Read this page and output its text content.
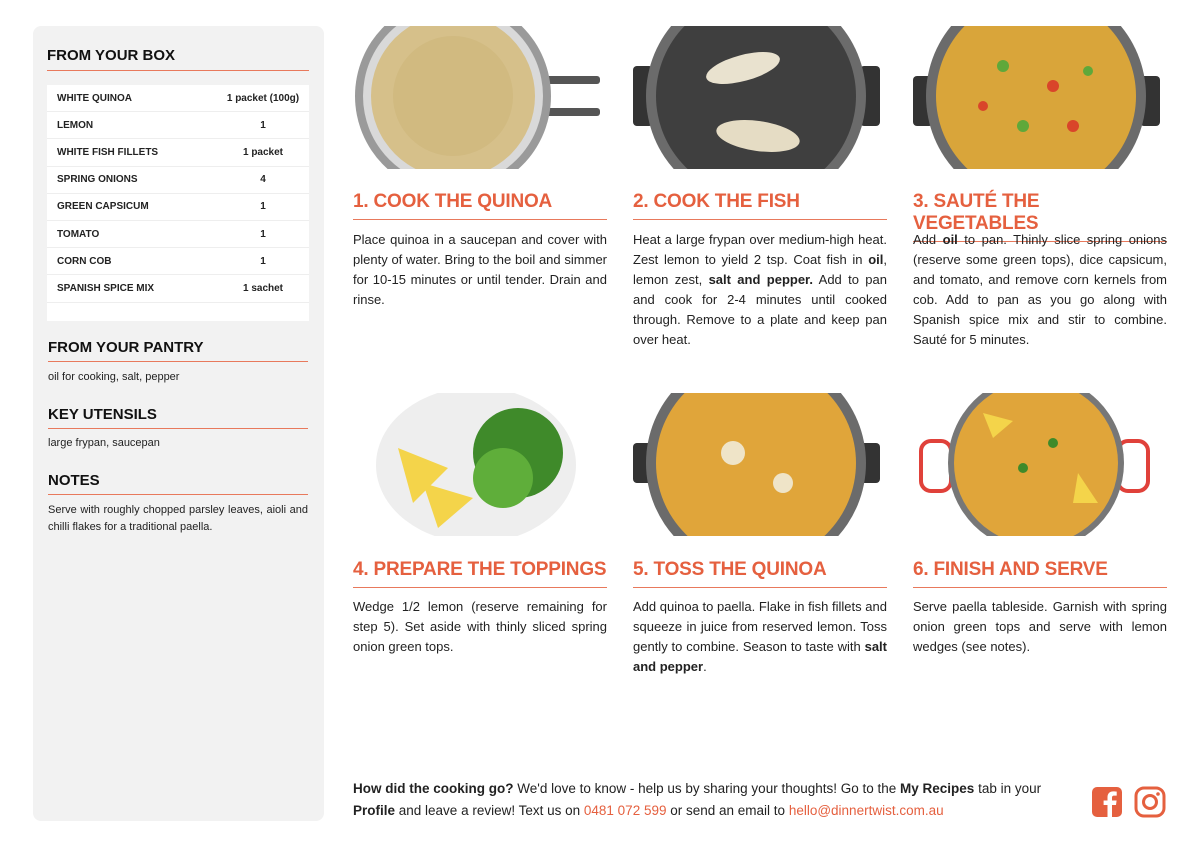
FROM YOUR BOX
WHITE QUINOA	1 packet (100g)
LEMON	1
WHITE FISH FILLETS	1 packet
SPRING ONIONS	4
GREEN CAPSICUM	1
TOMATO	1
CORN COB	1
SPANISH SPICE MIX	1 sachet
FROM YOUR PANTRY
oil for cooking, salt, pepper
KEY UTENSILS
large frypan, saucepan
NOTES
Serve with roughly chopped parsley leaves, aioli and chilli flakes for a traditional paella.
1. COOK THE QUINOA
Place quinoa in a saucepan and cover with plenty of water. Bring to the boil and simmer for 10-15 minutes or until tender. Drain and rinse.
2. COOK THE FISH
Heat a large frypan over medium-high heat. Zest lemon to yield 2 tsp. Coat fish in oil, lemon zest, salt and pepper. Add to pan and cook for 2-4 minutes until cooked through. Remove to a plate and keep pan over heat.
3. SAUTÉ THE VEGETABLES
Add oil to pan. Thinly slice spring onions (reserve some green tops), dice capsicum, and tomato, and remove corn kernels from cob. Add to pan as you go along with Spanish spice mix and stir to combine. Sauté for 5 minutes.
4. PREPARE THE TOPPINGS
Wedge 1/2 lemon (reserve remaining for step 5). Set aside with thinly sliced spring onion green tops.
5. TOSS THE QUINOA
Add quinoa to paella. Flake in fish fillets and squeeze in juice from reserved lemon. Toss gently to combine. Season to taste with salt and pepper.
6. FINISH AND SERVE
Serve paella tableside. Garnish with spring onion green tops and serve with lemon wedges (see notes).
How did the cooking go? We'd love to know - help us by sharing your thoughts! Go to the My Recipes tab in your Profile and leave a review! Text us on 0481 072 599 or send an email to hello@dinnertwist.com.au
